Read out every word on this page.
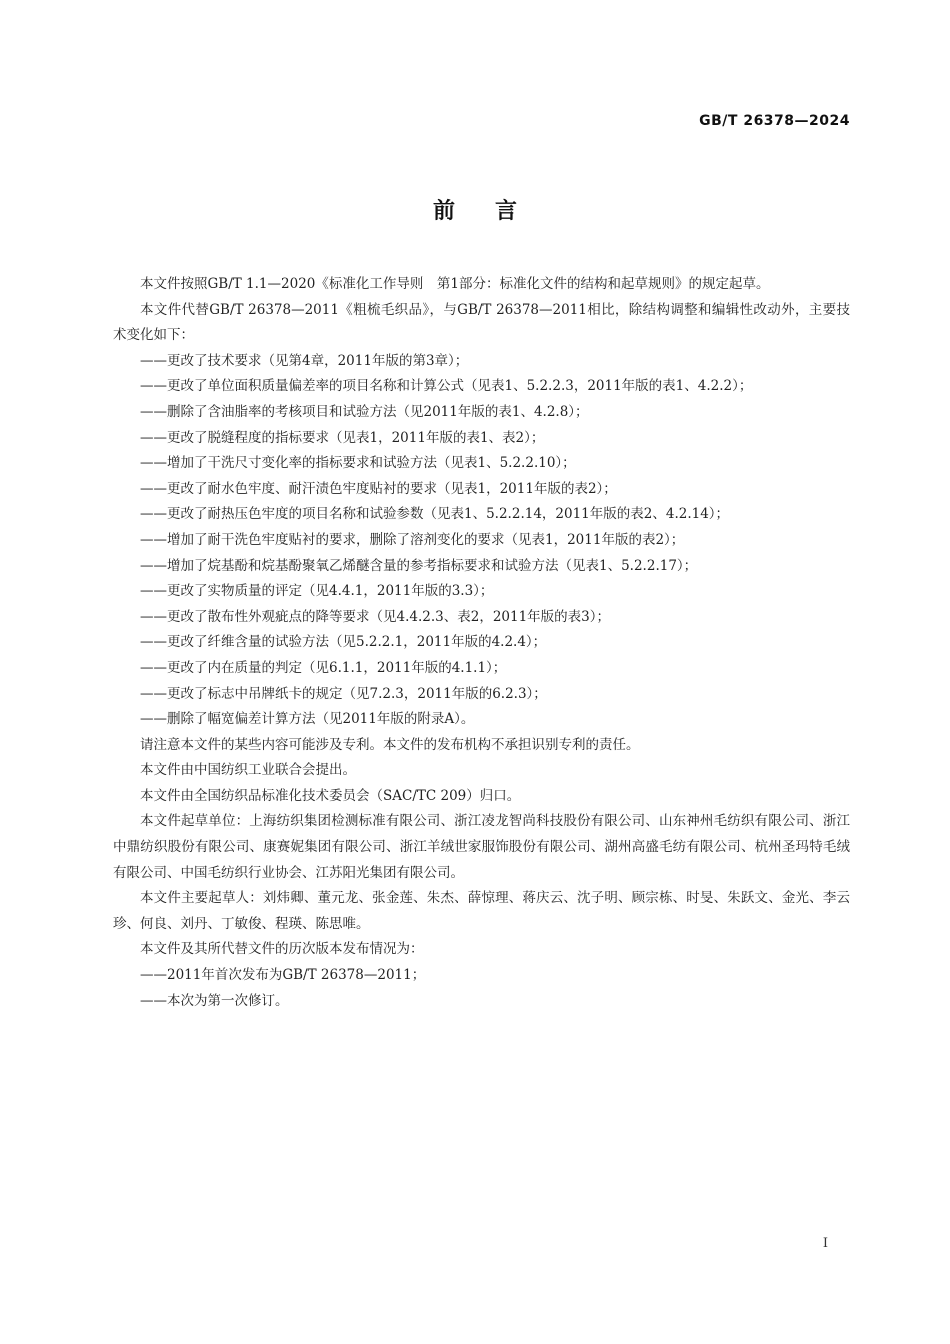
GB/T 26378—2024
前言

本文件按照GB/T 1.1—2020《标准化工作导则　第1部分：标准化文件的结构和起草规则》的规定起草。

本文件代替GB/T 26378—2011《粗梳毛织品》，与GB/T 26378—2011相比，除结构调整和编辑性改动外，主要技术变化如下：

——更改了技术要求（见第4章，2011年版的第3章）；

——更改了单位面积质量偏差率的项目名称和计算公式（见表1、5.2.2.3，2011年版的表1、4.2.2）；

——删除了含油脂率的考核项目和试验方法（见2011年版的表1、4.2.8）；

——更改了脱缝程度的指标要求（见表1，2011年版的表1、表2）；

——增加了干洗尺寸变化率的指标要求和试验方法（见表1、5.2.2.10）；

——更改了耐水色牢度、耐汗渍色牢度贴衬的要求（见表1，2011年版的表2）；

——更改了耐热压色牢度的项目名称和试验参数（见表1、5.2.2.14，2011年版的表2、4.2.14）；

——增加了耐干洗色牢度贴衬的要求，删除了溶剂变化的要求（见表1，2011年版的表2）；

——增加了烷基酚和烷基酚聚氧乙烯醚含量的参考指标要求和试验方法（见表1、5.2.2.17）；

——更改了实物质量的评定（见4.4.1，2011年版的3.3）；

——更改了散布性外观疵点的降等要求（见4.4.2.3、表2，2011年版的表3）；

——更改了纤维含量的试验方法（见5.2.2.1，2011年版的4.2.4）；

——更改了内在质量的判定（见6.1.1，2011年版的4.1.1）；

——更改了标志中吊牌纸卡的规定（见7.2.3，2011年版的6.2.3）；

——删除了幅宽偏差计算方法（见2011年版的附录A）。

请注意本文件的某些内容可能涉及专利。本文件的发布机构不承担识别专利的责任。

本文件由中国纺织工业联合会提出。

本文件由全国纺织品标准化技术委员会（SAC/TC 209）归口。

本文件起草单位：上海纺织集团检测标准有限公司、浙江凌龙智尚科技股份有限公司、山东神州毛纺织有限公司、浙江中鼎纺织股份有限公司、康赛妮集团有限公司、浙江羊绒世家服饰股份有限公司、湖州高盛毛纺有限公司、杭州圣玛特毛绒有限公司、中国毛纺织行业协会、江苏阳光集团有限公司。

本文件主要起草人：刘炜卿、董元龙、张金莲、朱杰、薛惊理、蒋庆云、沈子明、顾宗栋、时旻、朱跃文、金光、李云珍、何良、刘丹、丁敏俊、程瑛、陈思唯。

本文件及其所代替文件的历次版本发布情况为：

——2011年首次发布为GB/T 26378—2011；

——本次为第一次修订。

I
